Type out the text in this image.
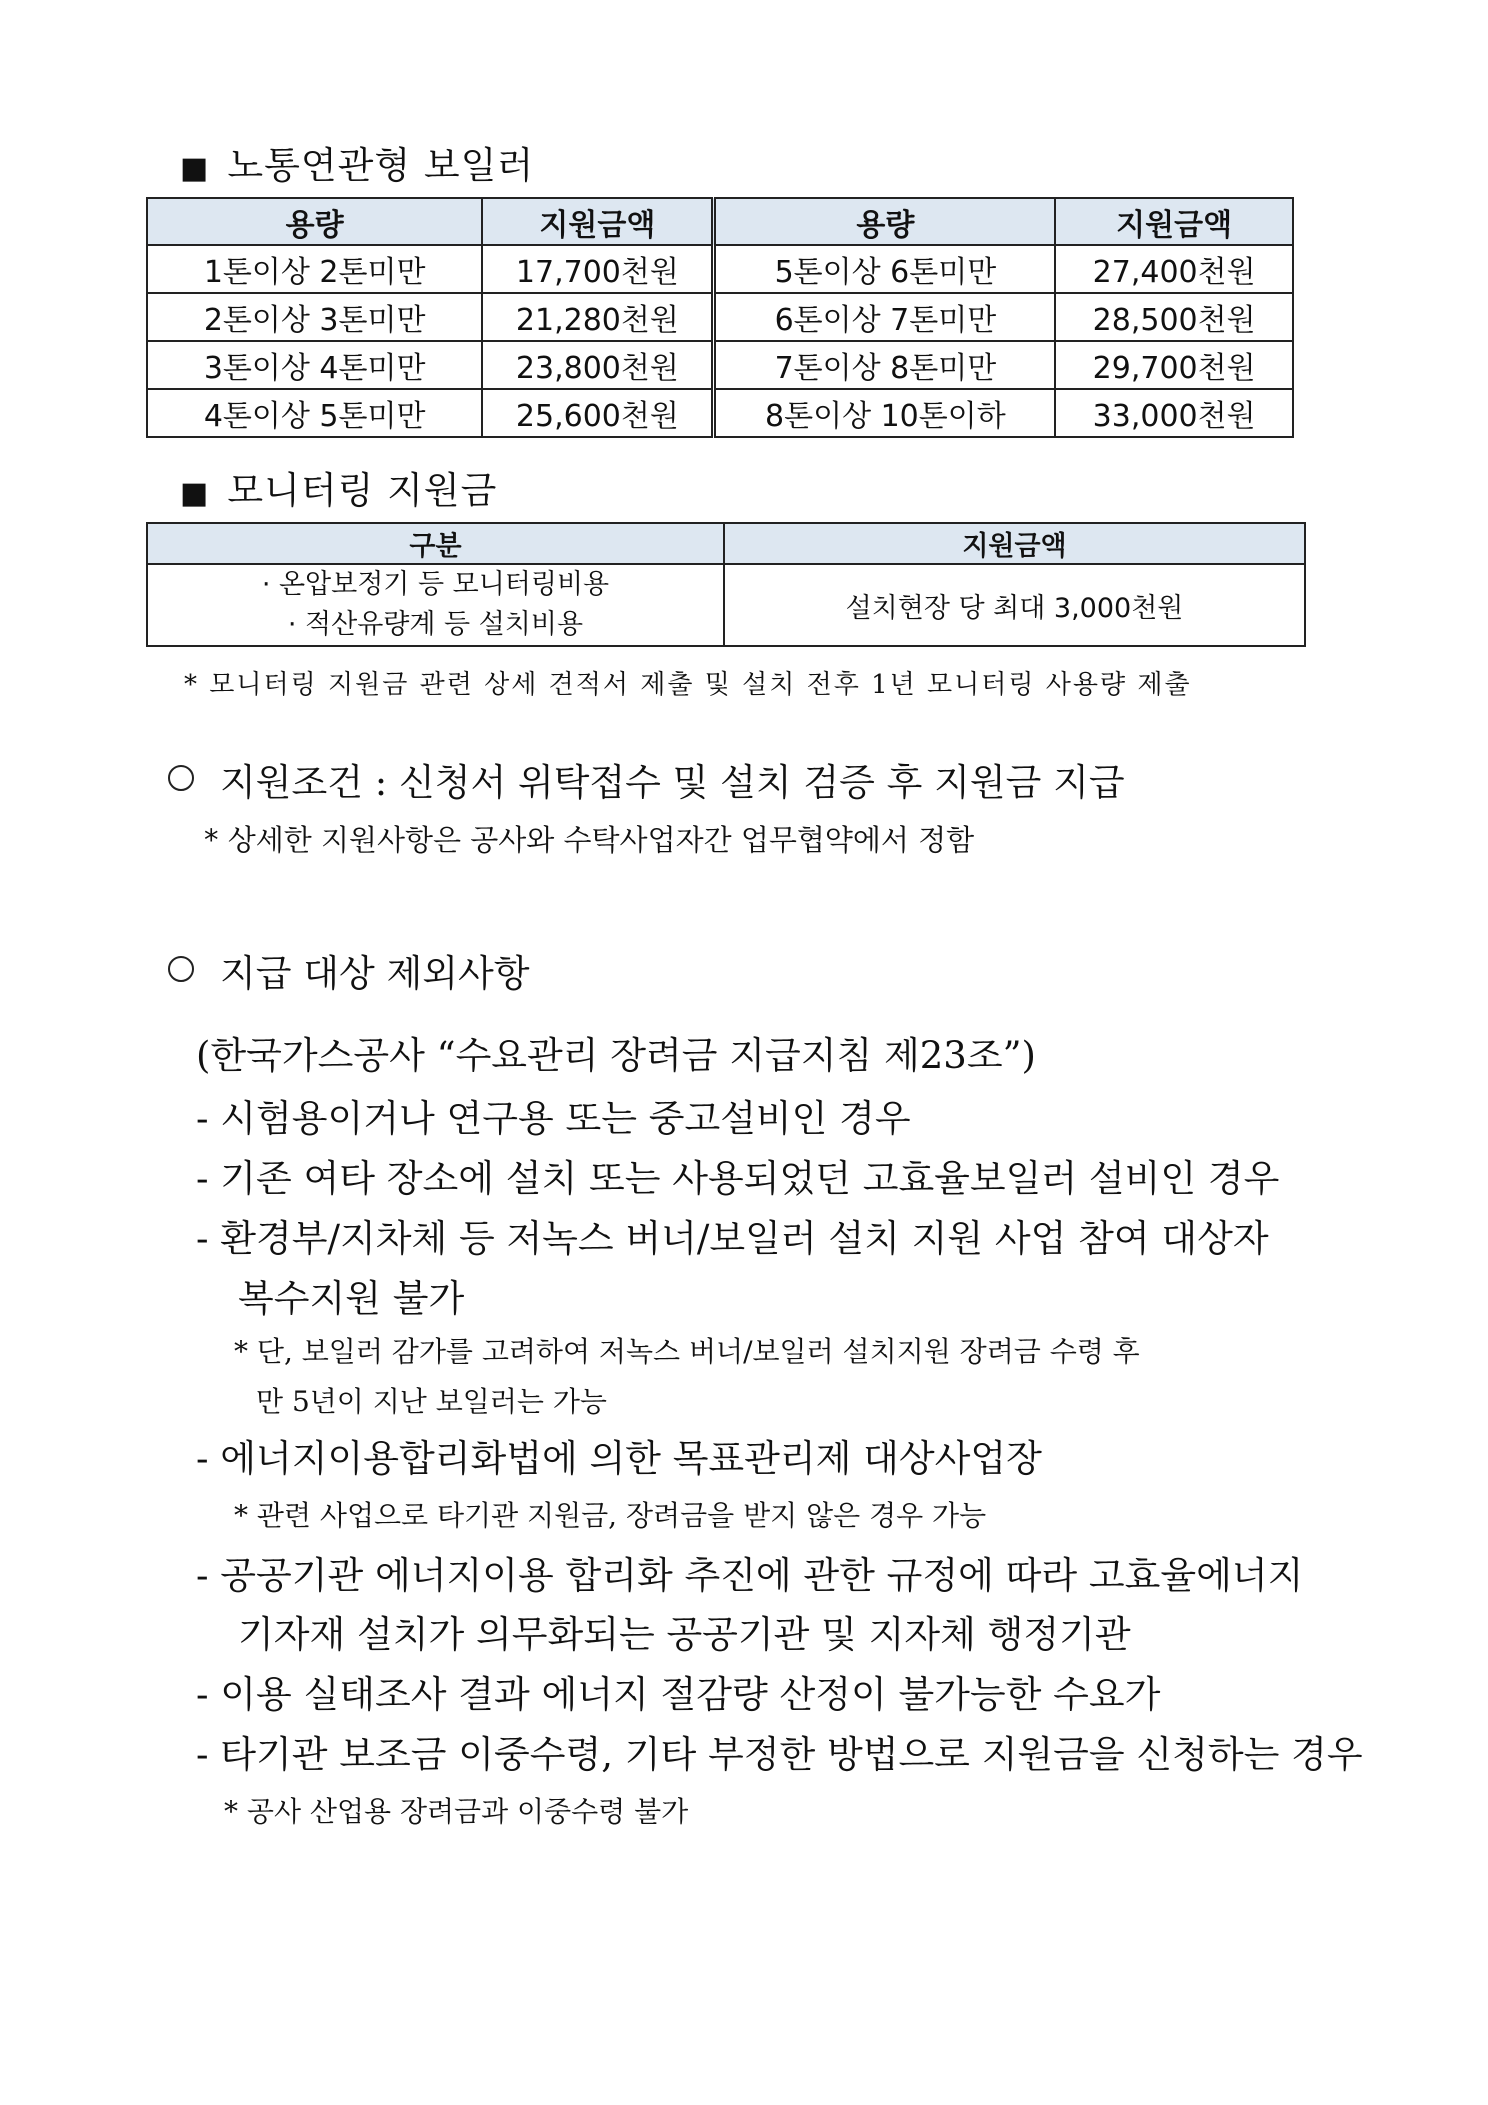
■ 노통연관형 보일러
용량	지원금액	용량	지원금액
1톤이상 2톤미만	17,700천원	5톤이상 6톤미만	27,400천원
2톤이상 3톤미만	21,280천원	6톤이상 7톤미만	28,500천원
3톤이상 4톤미만	23,800천원	7톤이상 8톤미만	29,700천원
4톤이상 5톤미만	25,600천원	8톤이상 10톤이하	33,000천원
■ 모니터링 지원금
구분	지원금액

· 온압보정기 등 모니터링비용
· 적산유량계 등 설치비용	설치현장 당 최대 3,000천원
* 모니터링 지원금 관련 상세 견적서 제출 및 설치 전후 1년 모니터링 사용량 제출
지원조건 : 신청서 위탁접수 및 설치 검증 후 지원금 지급
* 상세한 지원사항은 공사와 수탁사업자간 업무협약에서 정함
지급 대상 제외사항
(한국가스공사 “수요관리 장려금 지급지침 제23조”)
- 시험용이거나 연구용 또는 중고설비인 경우
- 기존 여타 장소에 설치 또는 사용되었던 고효율보일러 설비인 경우
- 환경부/지차체 등 저녹스 버너/보일러 설치 지원 사업 참여 대상자
복수지원 불가
* 단, 보일러 감가를 고려하여 저녹스 버너/보일러 설치지원 장려금 수령 후
만 5년이 지난 보일러는 가능
- 에너지이용합리화법에 의한 목표관리제 대상사업장
* 관련 사업으로 타기관 지원금, 장려금을 받지 않은 경우 가능
- 공공기관 에너지이용 합리화 추진에 관한 규정에 따라 고효율에너지
기자재 설치가 의무화되는 공공기관 및 지자체 행정기관
- 이용 실태조사 결과 에너지 절감량 산정이 불가능한 수요가
- 타기관 보조금 이중수령, 기타 부정한 방법으로 지원금을 신청하는 경우
* 공사 산업용 장려금과 이중수령 불가
